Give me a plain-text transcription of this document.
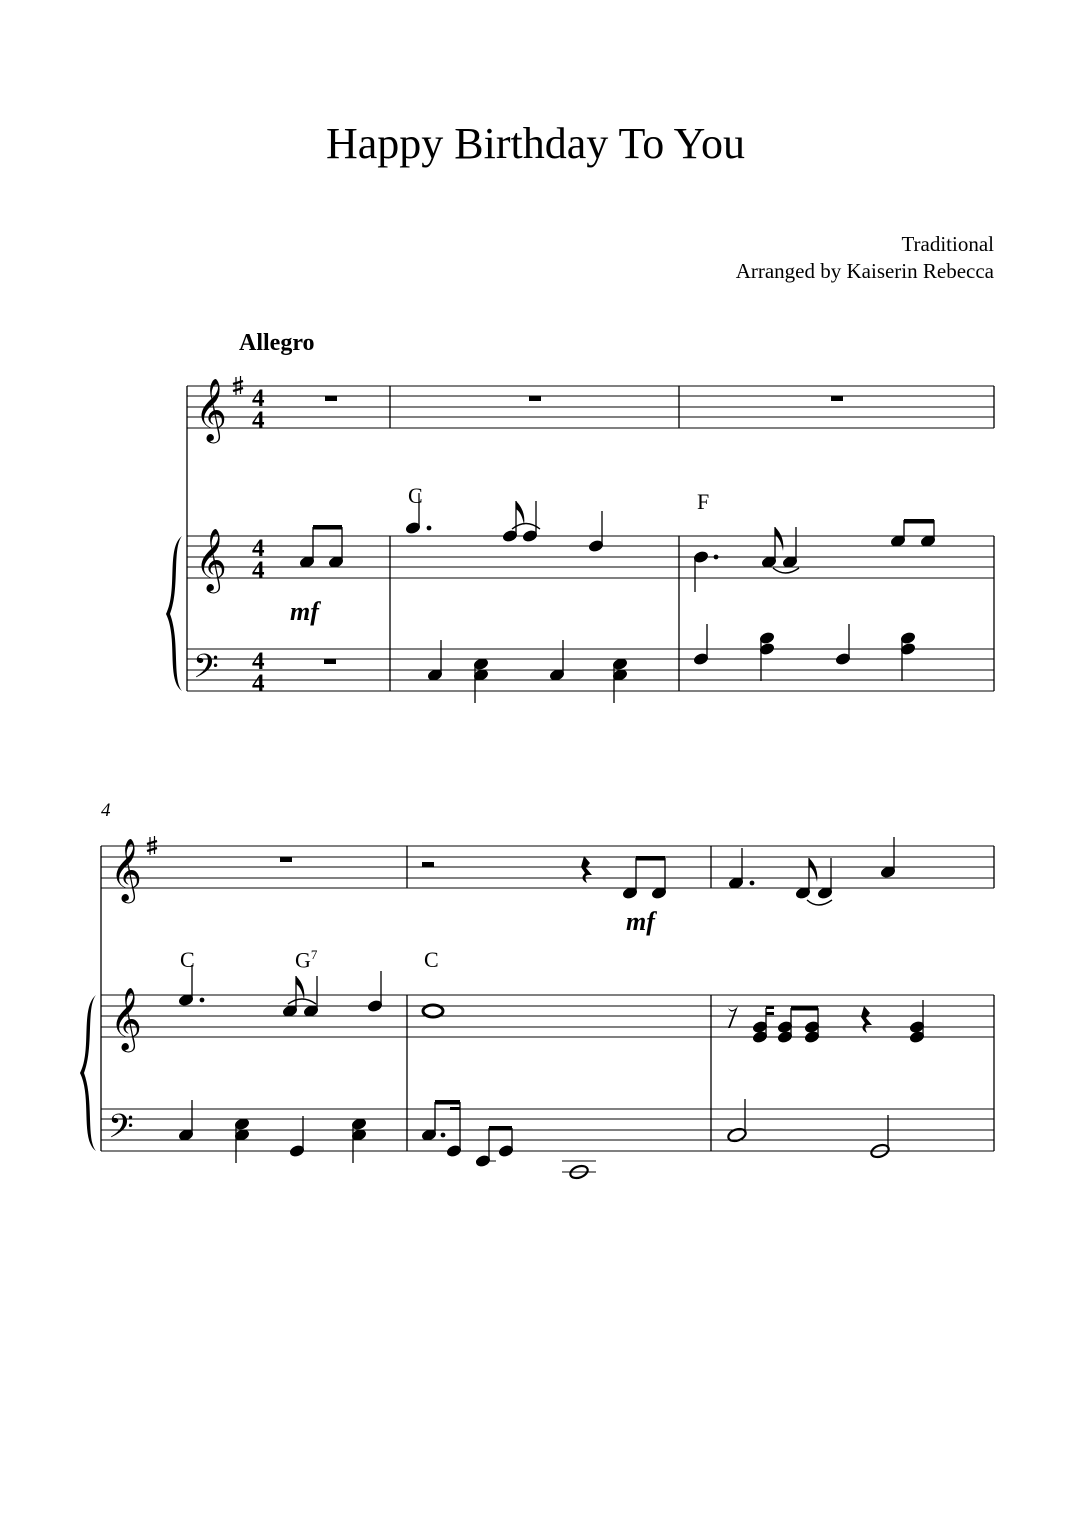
Happy Birthday To You
Traditional
Arranged by Kaiserin Rebecca
Allegro
4
C	F
C	$G^7$	C
𝄞
𝄞
𝄢
4
4
4
4
4
4
mf
𝄞
𝄞
𝄢
mf
